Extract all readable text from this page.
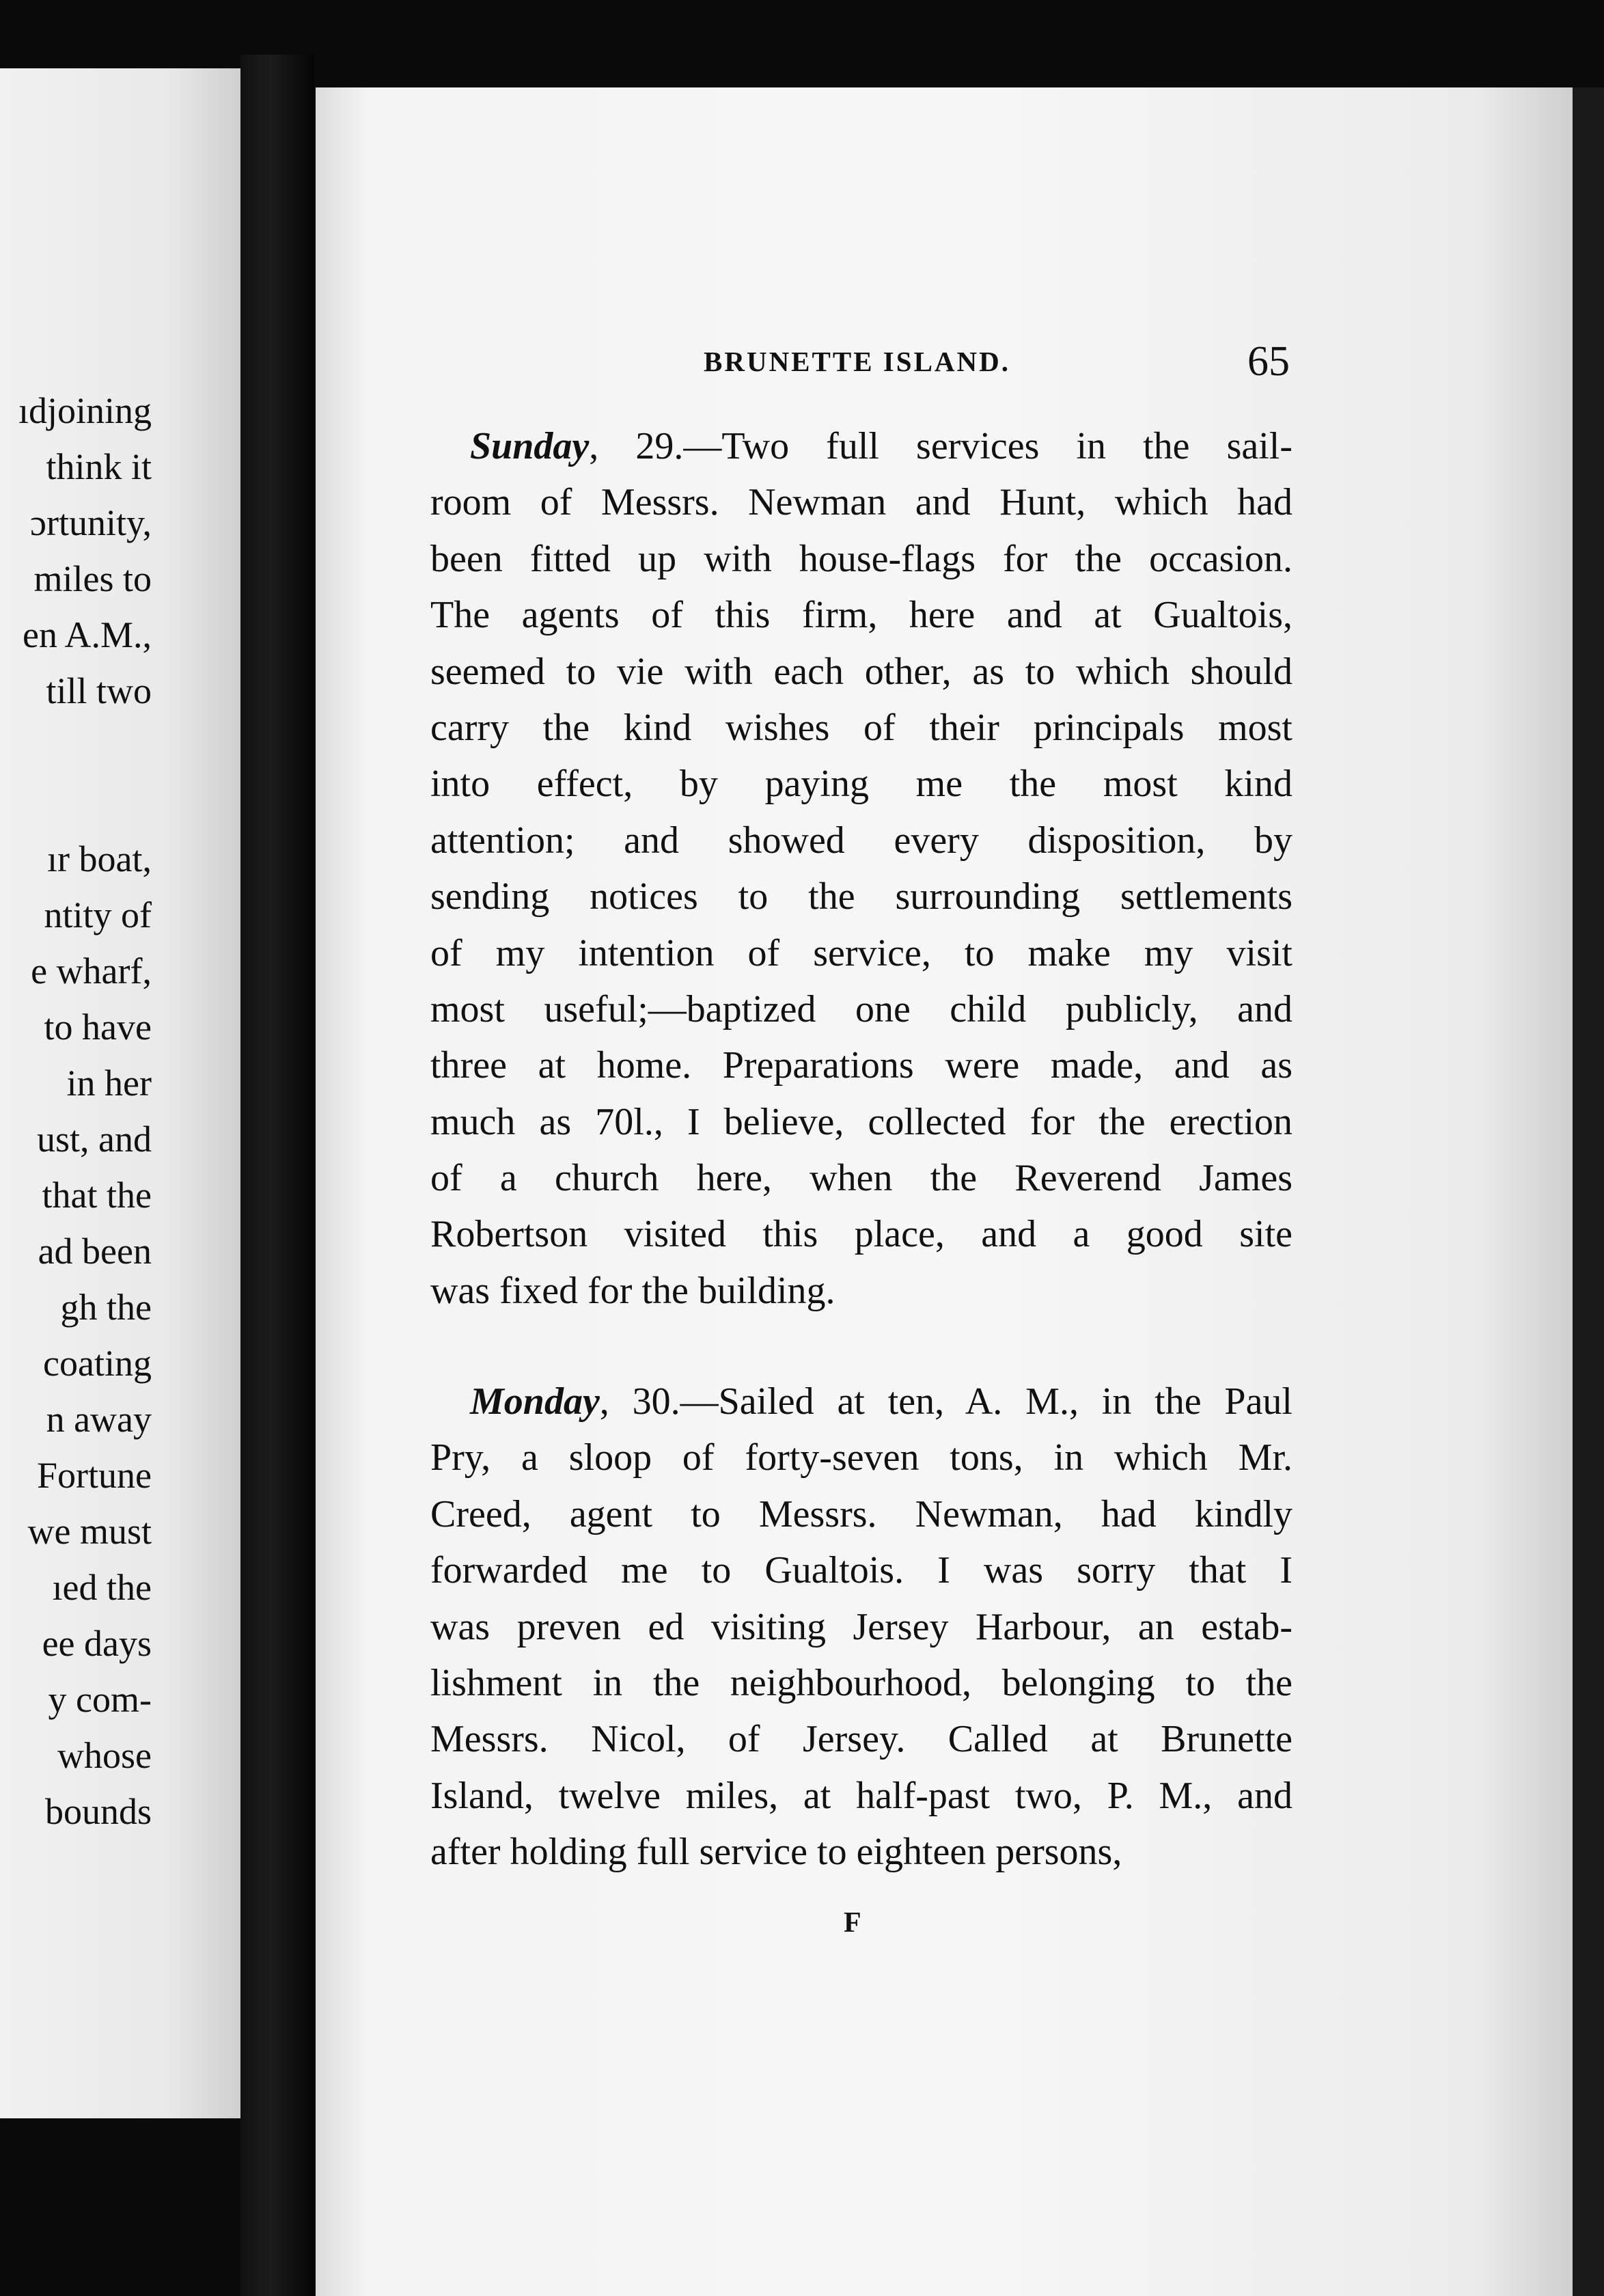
ıdjoining
think it
ɔrtunity,
miles to
en A.M.,
till two
ır boat,
ntity of
e wharf,
to have
in her
ust, and
that the
ad been
gh the
coating
n away
Fortune
we must
ıed the
ee days
y com-
whose
bounds
BRUNETTE ISLAND.	65
Sunday, 29.—Two full services in the sail-
room of Messrs. Newman and Hunt, which had
been fitted up with house-flags for the occasion.
The agents of this firm, here and at Gualtois,
seemed to vie with each other, as to which should
carry the kind wishes of their principals most
into effect, by paying me the most kind
attention; and showed every disposition, by
sending notices to the surrounding settlements
of my intention of service, to make my visit
most useful;—baptized one child publicly, and
three at home. Preparations were made, and as
much as 70l., I believe, collected for the erection
of a church here, when the Reverend James
Robertson visited this place, and a good site
was fixed for the building.
Monday, 30.—Sailed at ten, A. M., in the Paul
Pry, a sloop of forty-seven tons, in which Mr.
Creed, agent to Messrs. Newman, had kindly
forwarded me to Gualtois. I was sorry that I
was preven ed visiting Jersey Harbour, an estab-
lishment in the neighbourhood, belonging to the
Messrs. Nicol, of Jersey. Called at Brunette
Island, twelve miles, at half-past two, P. M., and
after holding full service to eighteen persons,
F
